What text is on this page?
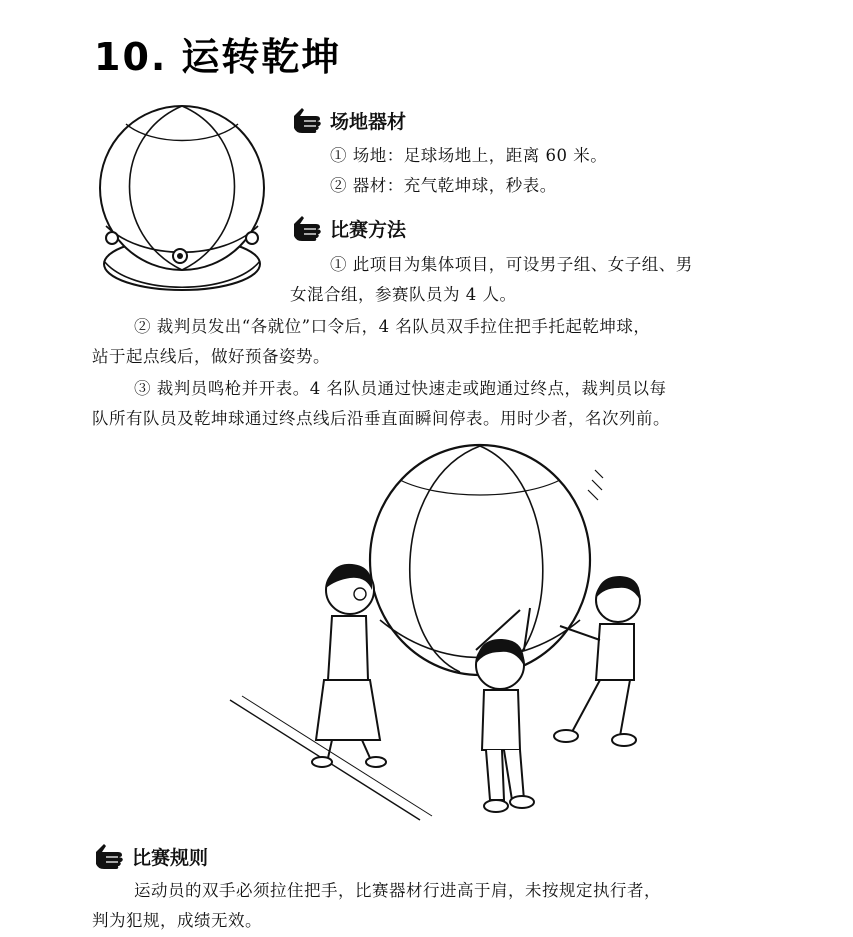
10. 运转乾坤
场地器材
① 场地：足球场地上，距离 60 米。
② 器材：充气乾坤球，秒表。
比赛方法
① 此项目为集体项目，可设男子组、女子组、男
女混合组，参赛队员为 4 人。
② 裁判员发出“各就位”口令后，4 名队员双手拉住把手托起乾坤球，
站于起点线后，做好预备姿势。
③ 裁判员鸣枪并开表。4 名队员通过快速走或跑通过终点，裁判员以每
队所有队员及乾坤球通过终点线后沿垂直面瞬间停表。用时少者，名次列前。
比赛规则
运动员的双手必须拉住把手，比赛器材行进高于肩，未按规定执行者，
判为犯规，成绩无效。
